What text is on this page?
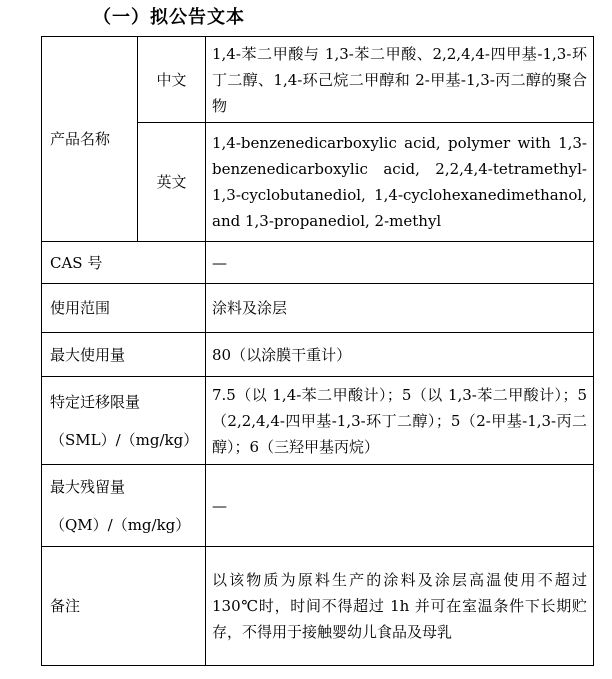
（一）拟公告文本
产品名称	中文	1,4-苯二甲酸与 1,3-苯二甲酸、2,2,4,4-四甲基-1,3-环丁二醇、1,4-环己烷二甲醇和 2-甲基-1,3-丙二醇的聚合物
	英文	1,4-benzenedicarboxylic acid, polymer with 1,3-benzenedicarboxylic acid, 2,2,4,4-tetramethyl-1,3-cyclobutanediol, 1,4-cyclohexanedimethanol, and 1,3-propanediol, 2-methyl
CAS 号		—
使用范围		涂料及涂层
最大使用量		80（以涂膜干重计）

特定迁移限量
（SML）/（mg/kg）		7.5（以 1,4-苯二甲酸计）；5（以 1,3-苯二甲酸计）；5（2,2,4,4-四甲基-1,3-环丁二醇）；5（2-甲基-1,3-丙二醇）；6（三羟甲基丙烷）

最大残留量
（QM）/（mg/kg）		—
备注		以该物质为原料生产的涂料及涂层高温使用不超过 130℃时，时间不得超过 1h 并可在室温条件下长期贮存，不得用于接触婴幼儿食品及母乳
